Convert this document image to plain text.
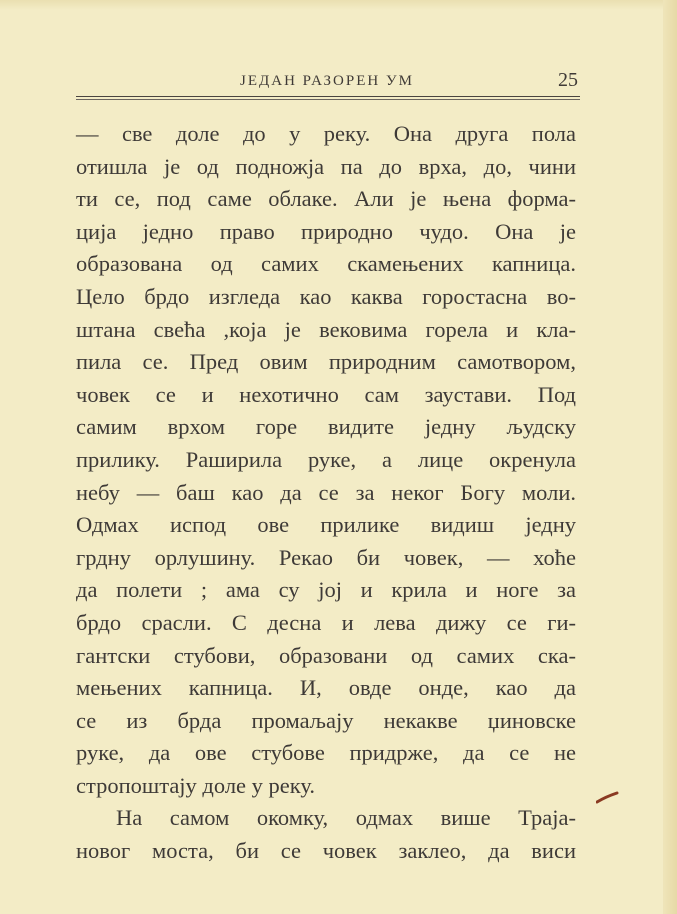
ЈЕДАН РАЗОРЕН УМ	25
— све доле до у реку. Она друга пола
отишла је од подножја па до врха, до, чини
ти се, под саме облаке. Али је њена форма-
ција једно право природно чудо. Она је
образована од самих скамењених капница.
Цело брдо изгледа као каква горостасна во-
штана свећа ,која је вековима горела и кла-
пила се. Пред овим природним самотвором,
човек се и нехотично сам заустави. Под
самим врхом горе видите једну људску
прилику. Раширила руке, а лице окренула
небу — баш као да се за неког Богу моли.
Одмах испод ове прилике видиш једну
грдну орлушину. Рекао би човек, — хоће
да полети ; ама су јој и крила и ноге за
брдо срасли. С десна и лева дижу се ги-
гантски стубови, образовани од самих ска-
мењених капница. И, овде онде, као да
се из брда промаљају некакве џиновске
руке, да ове стубове придрже, да се не
стропоштају доле у реку.
На самом окомку, одмах више Трајa-
новог моста, би се човек заклео, да виси
